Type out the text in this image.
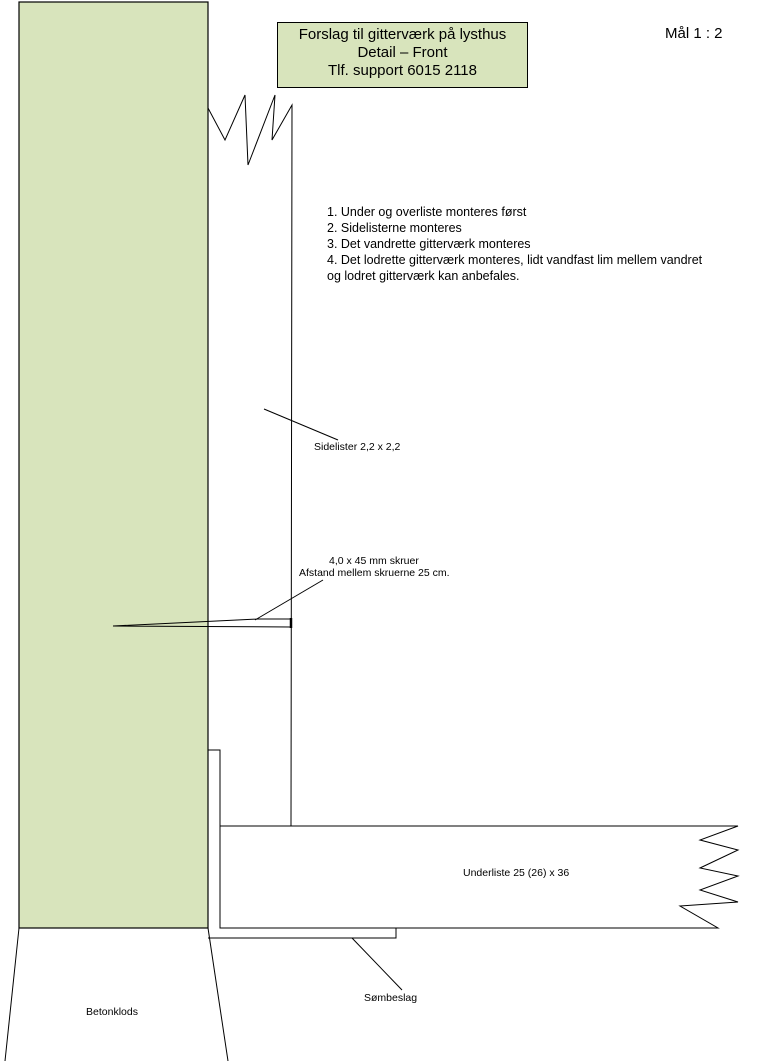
Forslag til gitterværk på lysthus
Detail – Front
Tlf. support 6015 2118
Mål 1 : 2
1. Under og overliste monteres først
2. Sidelisterne monteres
3. Det vandrette gitterværk monteres
4. Det lodrette gitterværk monteres, lidt vandfast lim mellem vandret
og lodret gitterværk kan anbefales.
Sidelister 2,2 x 2,2
4,0 x 45 mm skruer
Afstand mellem skruerne 25 cm.
Underliste 25 (26) x 36
Sømbeslag
Betonklods
